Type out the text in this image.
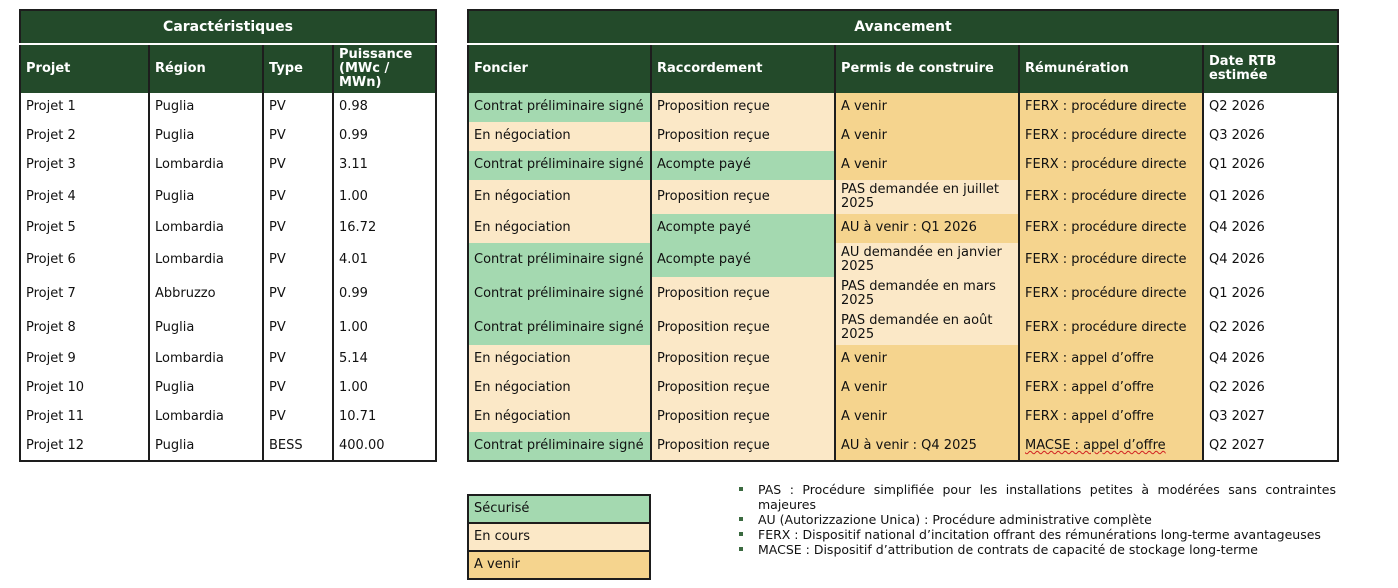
Caractéristiques			
Projet	Région	Type	Puissance (MWc / MWn)
Projet 1	Puglia	PV	0.98
Projet 2	Puglia	PV	0.99
Projet 3	Lombardia	PV	3.11
Projet 4	Puglia	PV	1.00
Projet 5	Lombardia	PV	16.72
Projet 6	Lombardia	PV	4.01
Projet 7	Abbruzzo	PV	0.99
Projet 8	Puglia	PV	1.00
Projet 9	Lombardia	PV	5.14
Projet 10	Puglia	PV	1.00
Projet 11	Lombardia	PV	10.71
Projet 12	Puglia	BESS	400.00
Avancement				
Foncier	Raccordement	Permis de construire	Rémunération	Date RTB estimée
Contrat préliminaire signé	Proposition reçue	A venir	FERX : procédure directe	Q2 2026
En négociation	Proposition reçue	A venir	FERX : procédure directe	Q3 2026
Contrat préliminaire signé	Acompte payé	A venir	FERX : procédure directe	Q1 2026
En négociation	Proposition reçue	PAS demandée en juillet 2025	FERX : procédure directe	Q1 2026
En négociation	Acompte payé	AU à venir : Q1 2026	FERX : procédure directe	Q4 2026
Contrat préliminaire signé	Acompte payé	AU demandée en janvier 2025	FERX : procédure directe	Q4 2026
Contrat préliminaire signé	Proposition reçue	PAS demandée en mars 2025	FERX : procédure directe	Q1 2026
Contrat préliminaire signé	Proposition reçue	PAS demandée en août 2025	FERX : procédure directe	Q2 2026
En négociation	Proposition reçue	A venir	FERX : appel d’offre	Q4 2026
En négociation	Proposition reçue	A venir	FERX : appel d’offre	Q2 2026
En négociation	Proposition reçue	A venir	FERX : appel d’offre	Q3 2027
Contrat préliminaire signé	Proposition reçue	AU à venir : Q4 2025	MACSE : appel d’offre	Q2 2027
Sécurisé
En cours
A venir
PAS : Procédure simplifiée pour les installations petites à modérées sans contraintes majeures
AU (Autorizzazione Unica) : Procédure administrative complète
FERX : Dispositif national d’incitation offrant des rémunérations long-terme avantageuses
MACSE : Dispositif d’attribution de contrats de capacité de stockage long-terme
